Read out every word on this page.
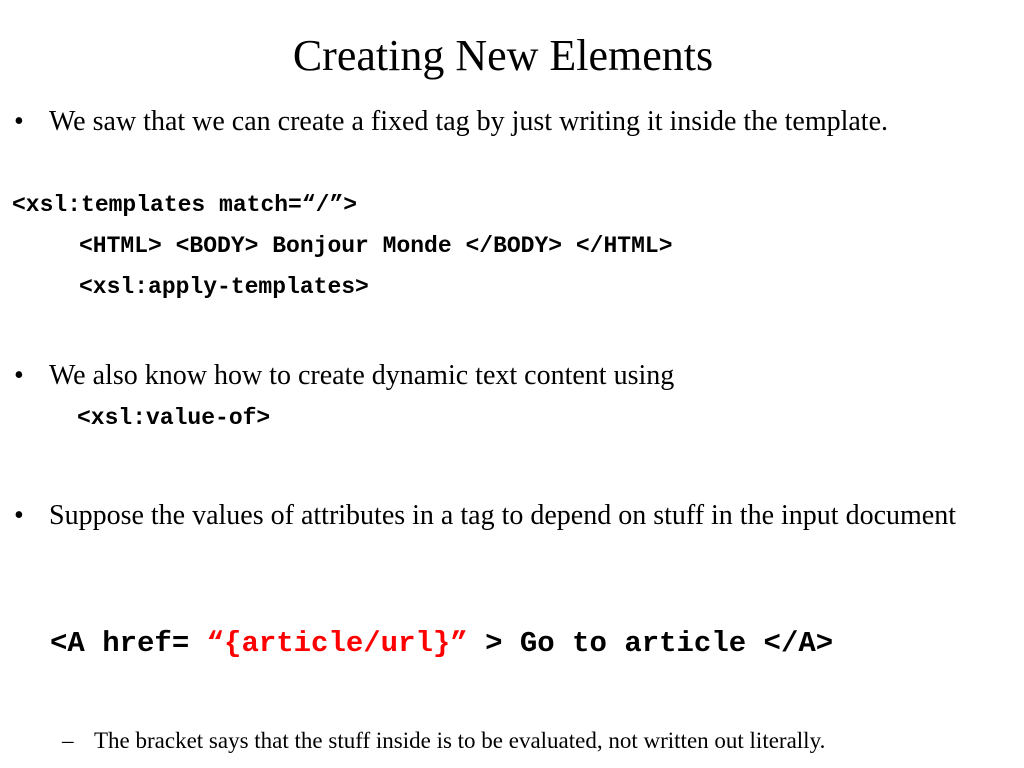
Creating New Elements
• We saw that we can create a fixed tag by just writing it inside the template.
<xsl:templates match=“/”>
<HTML> <BODY> Bonjour Monde </BODY> </HTML>
<xsl:apply-templates>
• We also know how to create dynamic text content using
<xsl:value-of>
• Suppose the values of attributes in a tag to depend on stuff in the input document
<A href= “{article/url}” > Go to article </A>
– The bracket says that the stuff inside is to be evaluated, not written out literally.
